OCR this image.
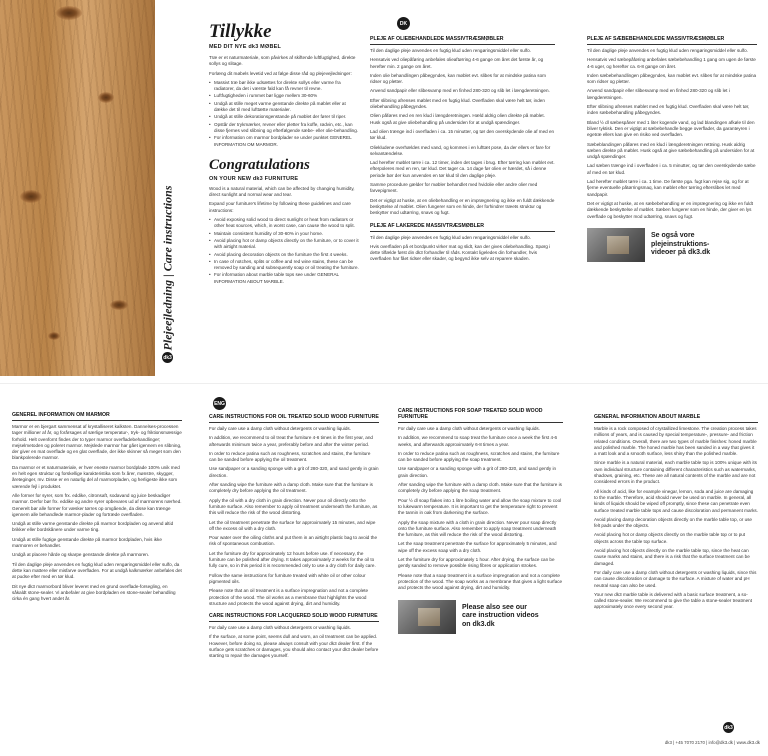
Plejeejledning | Care instructions
dk3
Tillykke
MED DIT NYE dk3 MØBEL

Træ er et naturmateriale, som påvirkes af skiftende luftfugtighed, direkte sollys og slitage.

Forlæng dit møbels levetid ved at følge disse råd og plejevejledninger:

• Massivt træ bør ikke udsættes for direkte sollys eller varme fra radiatorer, da det i værste fald kan få revner til revne.
• Luftfugtigheden i rummet bør ligge mellem 30-60%
• Undgå at stille meget varme genstande direkte på møblet eller at dække det til med lufttætte materialer.
• Undgå at stille dekorationsgenstande på møblet der fører til riper.
• Opstår der trykmærker, revner eller pletter fra koffe, rødvin, etc., kan disse fjernes ved slibning og efterfølgende sæbe- eller olie-behandling.
• For information om marmor bordplader se under punktet GENEREL INFORMATION OM MARMOR.
Congratulations
ON YOUR NEW dk3 FURNITURE

Wood is a natural material, which can be affected by changing humidity, direct sunlight and normal wear and tear.

Expand your furniture's lifetime by following these guidelines and care instructions:

• Avoid exposing solid wood to direct sunlight or heat from radiators or other heat sources, which, in worst case, can cause the wood to split.
• Maintain consistent humidity of 30-60% in your home.
• Avoid placing hot or damp objects directly on the furniture, or to cover it with airtight material.
• Avoid placing decoration objects on the furniture the first 4 weeks.
• In case of notches, splits or coffee and red wine stains, these can be removed by sanding and subsequently soap or oil treating the furniture.
• For information about marble table tops see under GENERAL INFORMATION ABOUT MARBLE.
DK
PLEJE AF OLIEBEHANDLEDE MASSIVTRÆSMØBLER

Til den daglige pleje anvendes en fugtig klud uden rengøringsmiddel eller sulfo.

Hensatvis ved oliepåføring anbefales olieaftørring 4-6 gange om året det første år, og herefter min. 2 gange om året.

Inden olie behandlingen påbegyndes, kan møblet evt. slibes for at mindske patina som ridser og pletter.

Anvend sandpapir eller slibesvamp med en finhed 280-320 og slib let i længderetningen.

Efter slibning afrenses møblet med en fugtig klud. Overfladen skal være helt tør, inden oliebehandling påbegyndes.

Olien påføres med en ren klud i længderetningen. Hæld aldrig olien direkte på møblet. Husk også at give oliebehandling på undersiden for at undgå spændinger.

Lad olien trænge ind i overfladen i ca. 15 minutter, og tør den overskydende olie af med en tør klud.

Oliekludene overhældes med vand, og kommes i en lufttæt pose, da der ellers er fare for selvantændelse.

Lad herefter møblet tørre i ca. 12 timer, inden det tages i brug. Efter tørring kan møblet evt. efterpoleres med en ren, tør klud. Det tager ca. 14 dage før olien er hærdet, så i denne periode bør der kun anvendes en tør klud til den daglige pleje.

Samme procedure gælder for møbler behandlet med hvidolie eller andre olier med farvepigment.

Det er vigtigt at huske, at en oliebehandling er en imprægnering og ikke en fuldt dækkende beskyttelse af møblet. Olien fungerer som en hinde, der forhindrer træets struktur og beskytter mod udtørring, snavs og fugt.

PLEJE AF LAKEREDE MASSIVTRÆSMØBLER

Til den daglige pleje anvendes en fugtig klud uden rengøringsmiddel eller sulfo.

Hvis overfladen på et bordpunkt virker mat og slidt, kan der gives oliebehandling. Spørg i dette tilfælde først din dk3 forhandler til råds. Kontakt ligeledes din forhandler, hvis overfladen har fået ridser eller skader, og begynd ikke selv at reparere skaden.

PLEJE AF SÆBEBEHANDLEDE MASSIVTRÆSMØBLER

Til den daglige pleje anvendes en fugtig klud uden rengøringsmiddel eller sulfo.

Hensatvis ved sæbepåføring anbefales sæbebehandling 1 gang om ugen de første 4-6 uger, og herefter ca. 6-8 gange om året.

Inden sæbebehandlingen påbegyndes, kan møblet evt. slibes for at mindske patina som ridser og pletter.

Anvend sandpapir eller slibesvamp med en finhed 280-320 og slib let i længderetningen.

Efter slibning afrenses møblet med en fugtig klud. Overfladen skal være helt tør, inden sæbebehandling påbegyndes.

Bland ½ dl sæbespåner med 1 liter kogende vand, og lad blandingen afkøle til den bliver tyktisk. Den er vigtigt at sæbebehandle begge overflader, da garanteyren i egetræ ellers kan give en risiko ved overfladen.

Sæbeblandingen påføres med en klud i længderetningen rettning. Husk aldrig sæben direkte på møblet. Husk også at give sæbebehandling på undersiden for at undgå spændinger.

Lad sæben trænge ind i overfladen i ca. 5 minutter, og tør den overskydende sæbe af med en tør klud.

Lad herefter møblet tørre i ca. 1 time. De første pga. fugt kan rejse sig, og for at fjerne eventuelle påtørringsmaq, kan møblet efter tørring efterslibes let med sandpapir.

Det er vigtigt at huske, at en sæbebehandling er en imprægnering og ikke en fuldt dækkende beskyttelse af møblet. Sæben fungerer som en hinde, der giver en lys overflade og beskytter mod udtørring, snavs og fugt.

Se også vore plejeinstruktions-videoer på dk3.dk
GENEREL INFORMATION OM MARMOR

Marmor er en bjergart sammensat af krystalliseret kalksten. Dannelses-processen tager millioner af år, og forårsages af særlige temperatur-, tryk- og friktionsmæssige forhold. Helt ovenfornt findes der to typer marmor overfladebehandlinger; mejselmetoden og poleret marmor. Mejslede marmor har gået igennem en slibning, der giver en mat overflade og en glat overflade, der ikke skinner så meget som den blankpolerede marmor.

Da marmor er et naturmateriale, er hver eneste marmor bordplade 100% unik med en helt egen struktur og forskellige karakteristika som fx årer, mønstre, skygger, åreteginger, mv. Disse er en naturlig del af marmorpladen, og herligeste ikke som værende fejl i produktet.

Alle former for syrer, som frx. eddike, citronsaft, sodavand og juice beskadiger marmor. Derfor bør frx. eddike og andre syrer opbevares ud af marmorens nærhed. Generelt bør alle former for væsker tørres op omgående, da disse kan trænge igennem alle behandlede marmor-plader og fortræde overfladen.

Undgå at stille varme genstande direkte på marmor bordpladen og anvend altid brikker eller bordskånere under varme ting.

Undgå at stille fugtige genstande direkte på marmor bordpladen, hvis ikke marmoren er behandlet.

Undgå at placere hårde og skarpe genstande direkte på marmoren.

Til den daglige pleje anvendes en fugtig klud uden rengøringsmiddel eller sulfo, da dette kan mattere eller misfarve overfladen. For at undgå kalkmærker anbefales det at pudse efter med en tør klud.

Dit nye dk3 marmorbord bliver leveret med en grund overflade-forsegling, en såkaldt stone-sealer. Vi anbefaler at give bordpladen en stone-sealer behandling cirka én gang hvert andet år.

ENG
CARE INSTRUCTIONS FOR OIL TREATED SOLID WOOD FURNITURE

For daily care use a damp cloth without detergents or washing liquids.

In addition, we recommend to oil treat the furniture 4-6 times in the first year, and afterwards minimum twice a year, preferably before and after the winter period.

In order to reduce patina such as roughness, scratches and stains, the furniture can be sanded before applying the oil treatment.

Use sandpaper or a sanding sponge with a grit of 280-320, and sand gently in grain direction.

After sanding wipe the furniture with a damp cloth. Make sure that the furniture is completely dry before applying the oil treatment.

Apply the oil with a dry cloth in grain direction. Never pour oil directly onto the furniture surface. Also remember to apply oil treatment underneath the furniture, as this will reduce the risk of the wood distorting.

Let the oil treatment penetrate the surface for approximately 15 minutes, and wipe off the excess oil with a dry cloth.

Pour water over the oiling cloths and put them in an airtight plastic bag to avoid the risk of spontaneous combustion.

Let the furniture dry for approximately 12 hours before use. If necessary, the furniture can be polished after drying. It takes approximately 2 weeks for the oil to fully cure, so in this period it is recommended only to use a dry cloth for daily care.

Follow the same instructions for furniture treated with white oil or other colour pigmented oils.

Please note that an oil treatment is a surface impregnation and not a complete protection of the wood. The oil works as a membrane that highlights the wood structure and protects the wood against drying, dirt and humidity.

CARE INSTRUCTIONS FOR LACQUERED SOLID WOOD FURNITURE

For daily care use a damp cloth without detergents or washing liquids.

If the surface, at some point, seems dull and worn, an oil treatment can be applied. However, before doing so, please always consult with your dk3 dealer first. If the surface gets scratches or damages, you should also contact your dk3 dealer before starting to repair the damages yourself.

CARE INSTRUCTIONS FOR SOAP TREATED SOLID WOOD FURNITURE

For daily care use a damp cloth without detergents or washing liquids.

In addition, we recommend to soap treat the furniture once a week the first 4-6 weeks, and afterwards approximately 6-8 times a year.

In order to reduce patina such as roughness, scratches and stains, the furniture can be sanded before applying the soap treatment.

Use sandpaper or a sanding sponge with a grit of 280-320, and sand gently in grain direction.

After sanding wipe the furniture with a damp cloth. Make sure that the furniture is completely dry before applying the soap treatment.

Pour ½ dl soap flakes into 1 litre boiling water and allow the soap mixture to cool to lukewarm temperature. It is important to get the temperature right to prevent the tannin in oak from darkening the surface.

Apply the soap mixture with a cloth in grain direction. Never pour soap directly onto the furniture surface. Also remember to apply soap treatment underneath the furniture, as this will reduce the risk of the wood distorting.

Let the soap treatment penetrate the surface for approximately 5 minutes, and wipe off the excess soap with a dry cloth.

Let the furniture dry for approximately 1 hour. After drying, the surface can be gently sanded to remove possible rising fibres or application strokes.

Please note that a soap treatment is a surface impregnation and not a complete protection of the wood. The soap works as a membrane that gives a light surface and protects the wood against drying, dirt and humidity.

Please also see our care instruction videos on dk3.dk
GENERAL INFORMATION ABOUT MARBLE

Marble is a rock composed of crystallized limestone. The creation process takes millions of years, and is caused by special temperature-, pressure- and friction related conditions. Overall, there are two types of marble finishes: honed marble and polished marble. The honed marble has been sanded in a way that gives it a matt look and a smooth surface, less shiny than the polished marble.

Since marble is a natural material, each marble table top is 100% unique with its own individual structure containing different characteristics such as watermarks, shadows, graining, etc. These are all natural contents of the marble and are not considered errors in the product.

All kinds of acid, like for example vinegar, lemon, soda and juice are damaging to the marble. Therefore, acid should never be used on marble. In general, all kinds of liquids should be wiped off promptly, since these can penetrate even surface treated marble table tops and cause discoloration and permanent marks.

Avoid placing damp decoration objects directly on the marble table top, or use felt pads under the objects.

Avoid placing hot or damp objects directly on the marble table top or to put objects across the table top surface.

Avoid placing hot objects directly on the marble table top, since the heat can cause marks and stains, and there is a risk that the surface treatment can be damaged.

For daily care use a damp cloth without detergents or washing liquids, since this can cause discoloration or damage to the surface. A mixture of water and pH neutral soap can also be used.

Your new dk3 marble table is delivered with a basic surface treatment, a so-called stone-sealer. We recommend to give the table a stone-sealer treatment approximately once every second year.

dk3
dk3 | +45 7070 2170 | info@dk3.dk | www.dk3.dk
